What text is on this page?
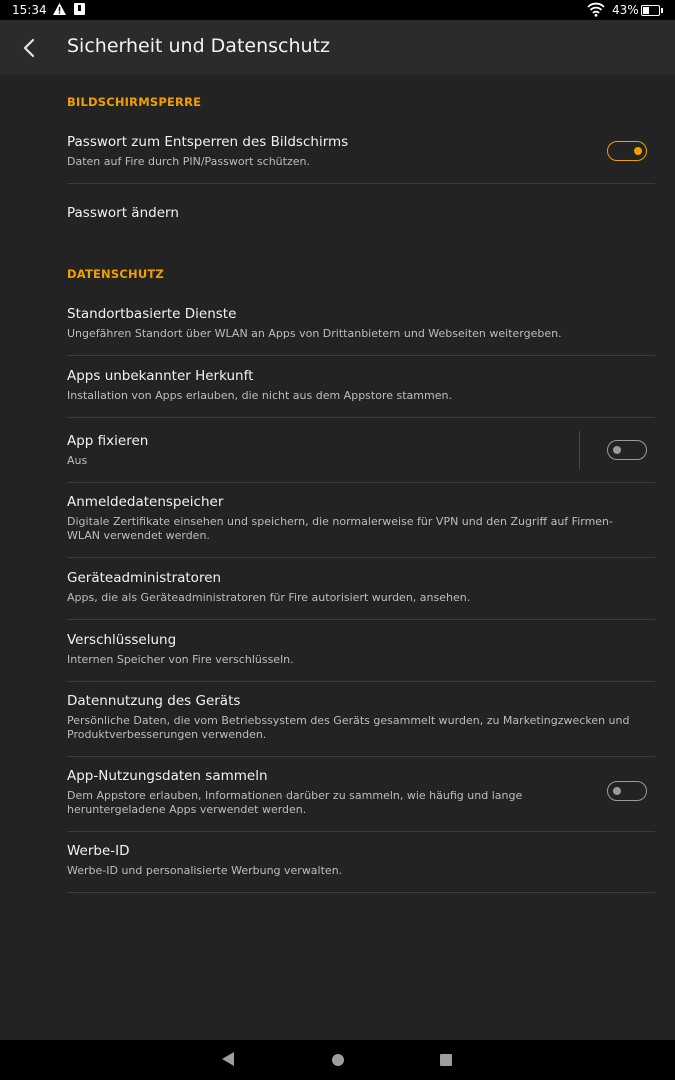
15:34	43%
Sicherheit und Datenschutz
BILDSCHIRMSPERRE
Passwort zum Entsperren des Bildschirms
Daten auf Fire durch PIN/Passwort schützen.
Passwort ändern
DATENSCHUTZ
Standortbasierte Dienste
Ungefähren Standort über WLAN an Apps von Drittanbietern und Webseiten weitergeben.
Apps unbekannter Herkunft
Installation von Apps erlauben, die nicht aus dem Appstore stammen.
App fixieren
Aus
Anmeldedatenspeicher
Digitale Zertifikate einsehen und speichern, die normalerweise für VPN und den Zugriff auf Firmen-WLAN verwendet werden.
Geräteadministratoren
Apps, die als Geräteadministratoren für Fire autorisiert wurden, ansehen.
Verschlüsselung
Internen Speicher von Fire verschlüsseln.
Datennutzung des Geräts
Persönliche Daten, die vom Betriebssystem des Geräts gesammelt wurden, zu Marketingzwecken und Produktverbesserungen verwenden.
App-Nutzungsdaten sammeln
Dem Appstore erlauben, Informationen darüber zu sammeln, wie häufig und lange heruntergeladene Apps verwendet werden.
Werbe-ID
Werbe-ID und personalisierte Werbung verwalten.
